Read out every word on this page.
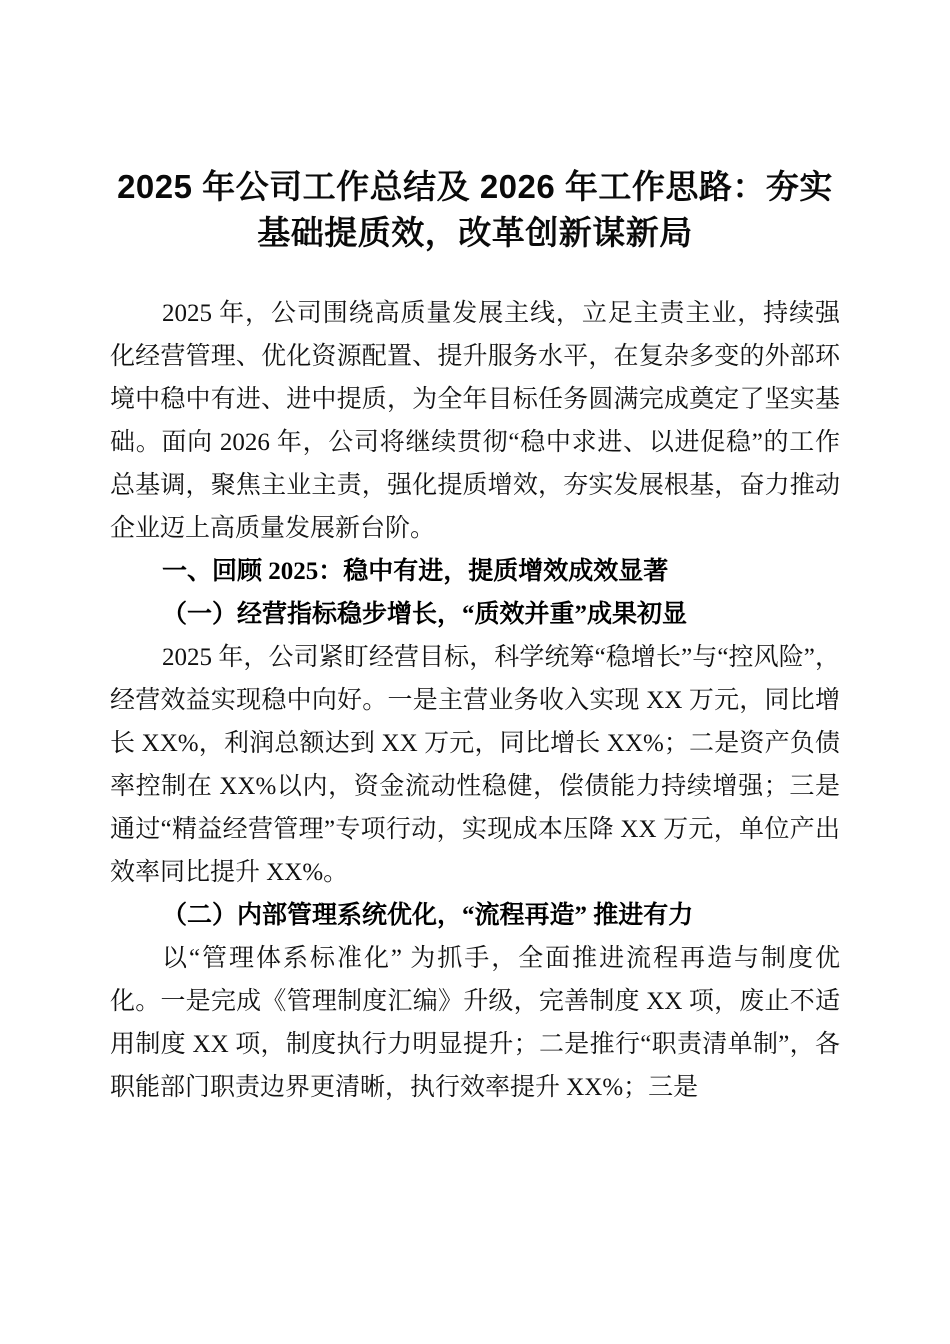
2025 年公司工作总结及 2026 年工作思路：夯实基础提质效，改革创新谋新局

2025 年，公司围绕高质量发展主线，立足主责主业，持续强化经营管理、优化资源配置、提升服务水平，在复杂多变的外部环境中稳中有进、进中提质，为全年目标任务圆满完成奠定了坚实基础。面向 2026 年，公司将继续贯彻“稳中求进、以进促稳”的工作总基调，聚焦主业主责，强化提质增效，夯实发展根基，奋力推动企业迈上高质量发展新台阶。

一、回顾 2025：稳中有进，提质增效成效显著
（一）经营指标稳步增长，“质效并重”成果初显

2025 年，公司紧盯经营目标，科学统筹“稳增长”与“控风险”，经营效益实现稳中向好。一是主营业务收入实现 XX 万元，同比增长 XX%，利润总额达到 XX 万元，同比增长 XX%；二是资产负债率控制在 XX%以内，资金流动性稳健，偿债能力持续增强；三是通过“精益经营管理”专项行动，实现成本压降 XX 万元，单位产出效率同比提升 XX%。

（二）内部管理系统优化，“流程再造” 推进有力

以“管理体系标准化” 为抓手，全面推进流程再造与制度优化。一是完成《管理制度汇编》升级，完善制度 XX 项，废止不适用制度 XX 项，制度执行力明显提升；二是推行“职责清单制”，各职能部门职责边界更清晰，执行效率提升 XX%；三是
